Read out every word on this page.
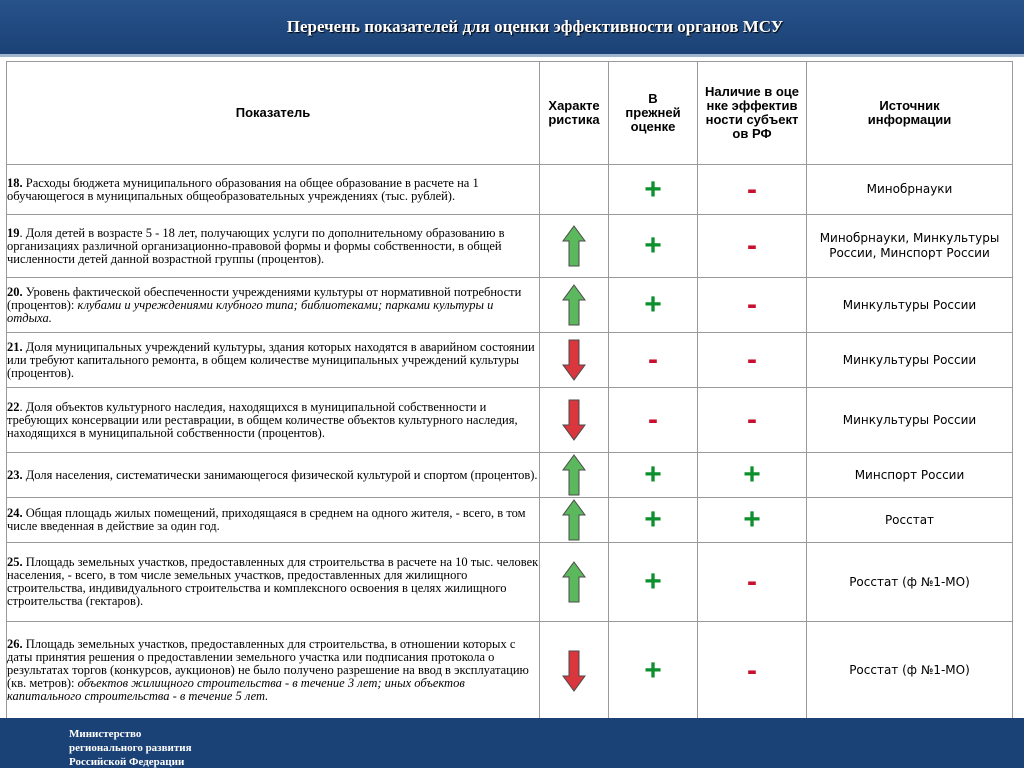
Перечень показателей для оценки эффективности органов МСУ
Показатель	Характеристика	В прежней оценке	Наличие в оценке эффективности субъектов РФ	Источник информации

18. Расходы бюджета муниципального образования на общее образование в расчете на 1 обучающегося в муниципальных общеобразовательных учреждениях (тыс. рублей).		+	-	Минобрнауки
19. Доля детей в возрасте 5 - 18 лет, получающих услуги по дополнительному образованию в организациях различной организационно-правовой формы и формы собственности, в общей численности детей данной возрастной группы (процентов).		+	-	Минобрнауки, Минкультуры России, Минспорт России
20. Уровень фактической обеспеченности учреждениями культуры от нормативной потребности (процентов): клубами и учреждениями клубного типа; библиотеками; парками культуры и отдыха.		+	-	Минкультуры России
21. Доля муниципальных учреждений культуры, здания которых находятся в аварийном состоянии или требуют капитального ремонта, в общем количестве муниципальных учреждений культуры (процентов).		-	-	Минкультуры России
22. Доля объектов культурного наследия, находящихся в муниципальной собственности и требующих консервации или реставрации, в общем количестве объектов культурного наследия, находящихся в муниципальной собственности (процентов).		-	-	Минкультуры России
23. Доля населения, систематически занимающегося физической культурой и спортом (процентов).		+	+	Минспорт России
24. Общая площадь жилых помещений, приходящаяся в среднем на одного жителя, - всего, в том числе введенная в действие за один год.		+	+	Росстат
25. Площадь земельных участков, предоставленных для строительства в расчете на 10 тыс. человек населения, - всего, в том числе земельных участков, предоставленных для жилищного строительства, индивидуального строительства и комплексного освоения в целях жилищного строительства (гектаров).		+	-	Росстат (ф №1-МО)
26. Площадь земельных участков, предоставленных для строительства, в отношении которых с даты принятия решения о предоставлении земельного участка или подписания протокола о результатах торгов (конкурсов, аукционов) не было получено разрешение на ввод в эксплуатацию (кв. метров): объектов жилищного строительства - в течение 3 лет; иных объектов капитального строительства - в течение 5 лет.		+	-	Росстат (ф №1-МО)
Министерство
регионального развития
Российской Федерации
